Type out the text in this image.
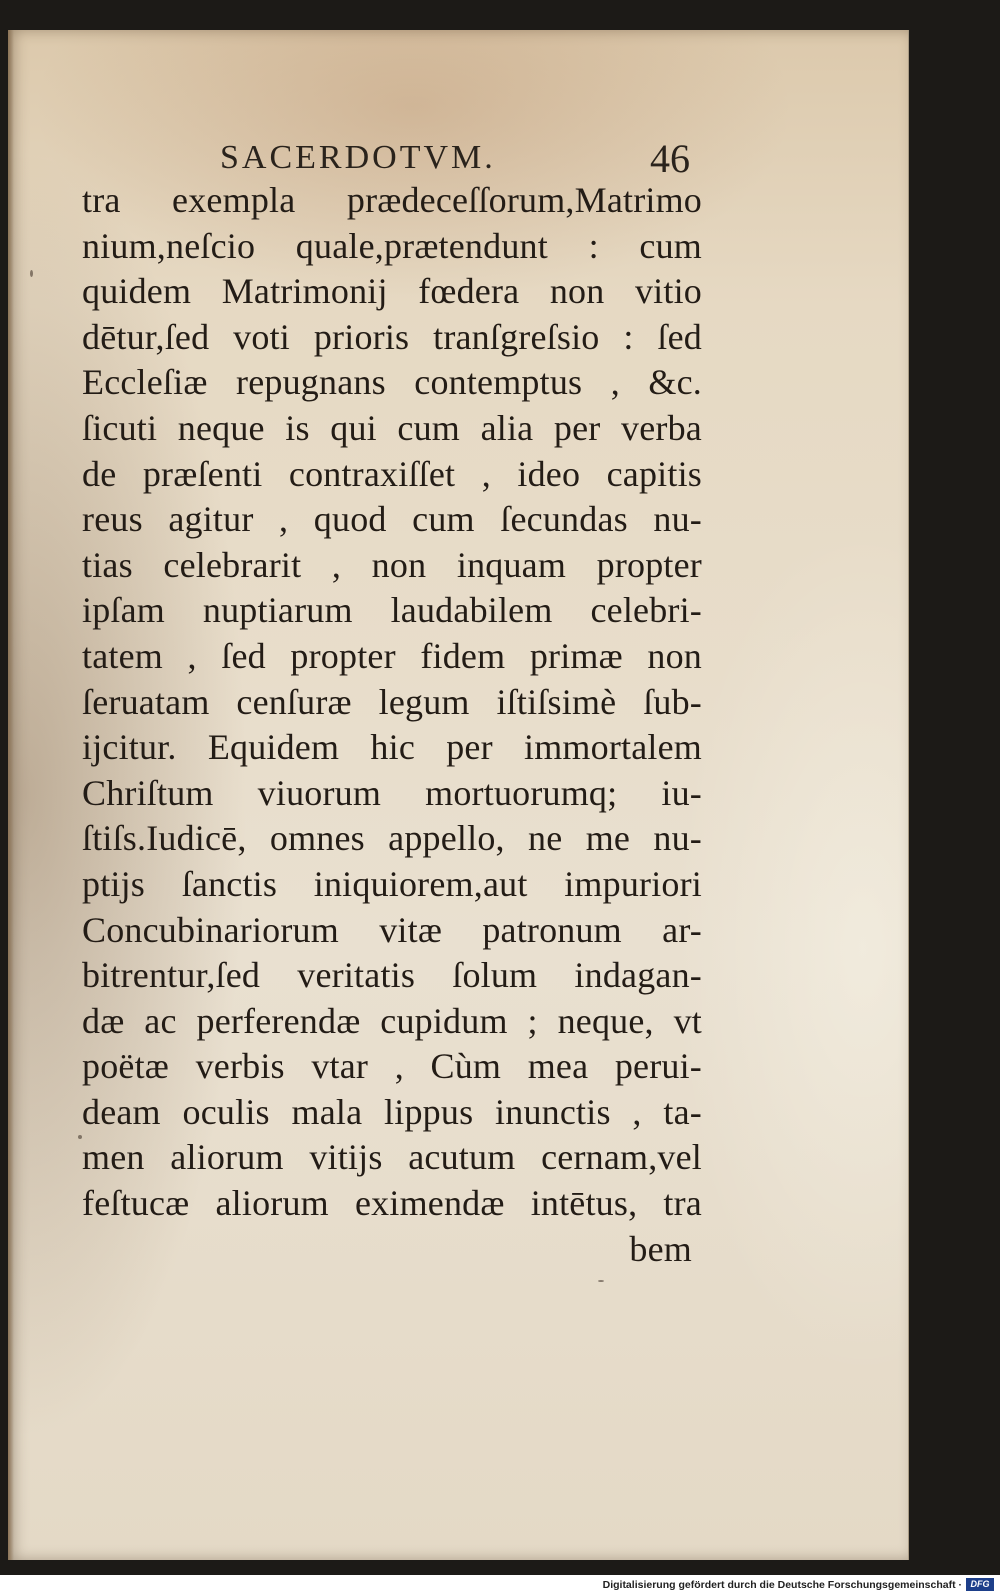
SACERDOTVM.	46
tra exempla prædeceſſorum,Matrimo
nium,neſcio quale,prætendunt : cum
quidem Matrimonij fœdera non vitio
dētur,ſed voti prioris tranſgreſsio : ſed
Eccleſiæ repugnans contemptus , &c.
ſicuti neque is qui cum alia per verba
de præſenti contraxiſſet , ideo capitis
reus agitur , quod cum ſecundas nu-
tias celebrarit , non inquam propter
ipſam nuptiarum laudabilem celebri-
tatem , ſed propter fidem primæ non
ſeruatam cenſuræ legum iſtiſsimè ſub-
ijcitur. Equidem hic per immortalem
Chriſtum viuorum mortuorumq; iu-
ſtiſs.Iudicē, omnes appello, ne me nu-
ptijs ſanctis iniquiorem,aut impuriori
Concubinariorum vitæ patronum ar-
bitrentur,ſed veritatis ſolum indagan-
dæ ac perferendæ cupidum ; neque, vt
poëtæ verbis vtar , Cùm mea perui-
deam oculis mala lippus inunctis , ta-
men aliorum vitijs acutum cernam,vel
feſtucæ aliorum eximendæ intētus, tra
bem
Digitalisierung gefördert durch die Deutsche Forschungsgemeinschaft · DFG
